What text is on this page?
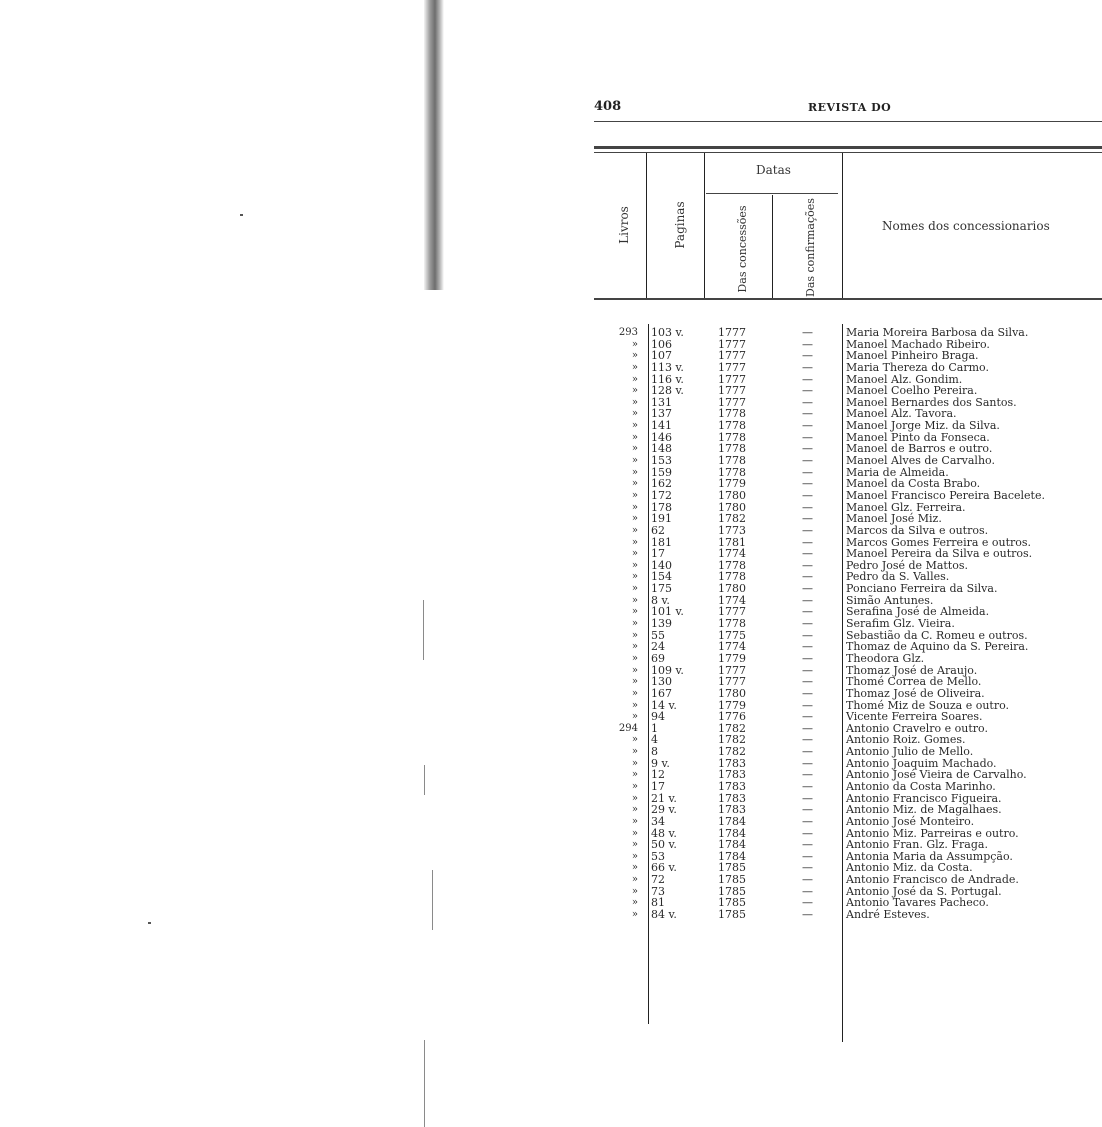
408	REVISTA DO
Livros	Paginas
Datas
Das concessões	Das confirmações	Nomes dos concessionarios
293 103 v.	1777	—	Maria Moreira Barbosa da Silva.
» 106	1777	—	Manoel Machado Ribeiro.
» 107	1777	—	Manoel Pinheiro Braga.
» 113 v.	1777	—	Maria Thereza do Carmo.
» 116 v.	1777	—	Manoel Alz. Gondim.
» 128 v.	1777	—	Manoel Coelho Pereira.
» 131	1777	—	Manoel Bernardes dos Santos.
» 137	1778	—	Manoel Alz. Tavora.
» 141	1778	—	Manoel Jorge Miz. da Silva.
» 146	1778	—	Manoel Pinto da Fonseca.
» 148	1778	—	Manoel de Barros e outro.
» 153	1778	—	Manoel Alves de Carvalho.
» 159	1778	—	Maria de Almeida.
» 162	1779	—	Manoel da Costa Brabo.
» 172	1780	—	Manoel Francisco Pereira Bacelete.
» 178	1780	—	Manoel Glz. Ferreira.
» 191	1782	—	Manoel José Miz.
» 62	1773	—	Marcos da Silva e outros.
» 181	1781	—	Marcos Gomes Ferreira e outros.
» 17	1774	—	Manoel Pereira da Silva e outros.
» 140	1778	—	Pedro José de Mattos.
» 154	1778	—	Pedro da S. Valles.
» 175	1780	—	Ponciano Ferreira da Silva.
» 8 v.	1774	—	Simão Antunes.
» 101 v.	1777	—	Serafina José de Almeida.
» 139	1778	—	Serafim Glz. Vieira.
» 55	1775	—	Sebastião da C. Romeu e outros.
» 24	1774	—	Thomaz de Aquino da S. Pereira.
» 69	1779	—	Theodora Glz.
» 109 v.	1777	—	Thomaz José de Araujo.
» 130	1777	—	Thomé Correa de Mello.
» 167	1780	—	Thomaz José de Oliveira.
» 14 v.	1779	—	Thomé Miz de Souza e outro.
» 94	1776	—	Vicente Ferreira Soares.
294 1	1782	—	Antonio Cravelro e outro.
» 4	1782	—	Antonio Roiz. Gomes.
» 8	1782	—	Antonio Julio de Mello.
» 9 v.	1783	—	Antonio Joaquim Machado.
» 12	1783	—	Antonio José Vieira de Carvalho.
» 17	1783	—	Antonio da Costa Marinho.
» 21 v.	1783	—	Antonio Francisco Figueira.
» 29 v.	1783	—	Antonio Miz. de Magalhaes.
» 34	1784	—	Antonio José Monteiro.
» 48 v.	1784	—	Antonio Miz. Parreiras e outro.
» 50 v.	1784	—	Antonio Fran. Glz. Fraga.
» 53	1784	—	Antonia Maria da Assumpção.
» 66 v.	1785	—	Antonio Miz. da Costa.
» 72	1785	—	Antonio Francisco de Andrade.
» 73	1785	—	Antonio José da S. Portugal.
» 81	1785	—	Antonio Tavares Pacheco.
» 84 v.	1785	—	André Esteves.
